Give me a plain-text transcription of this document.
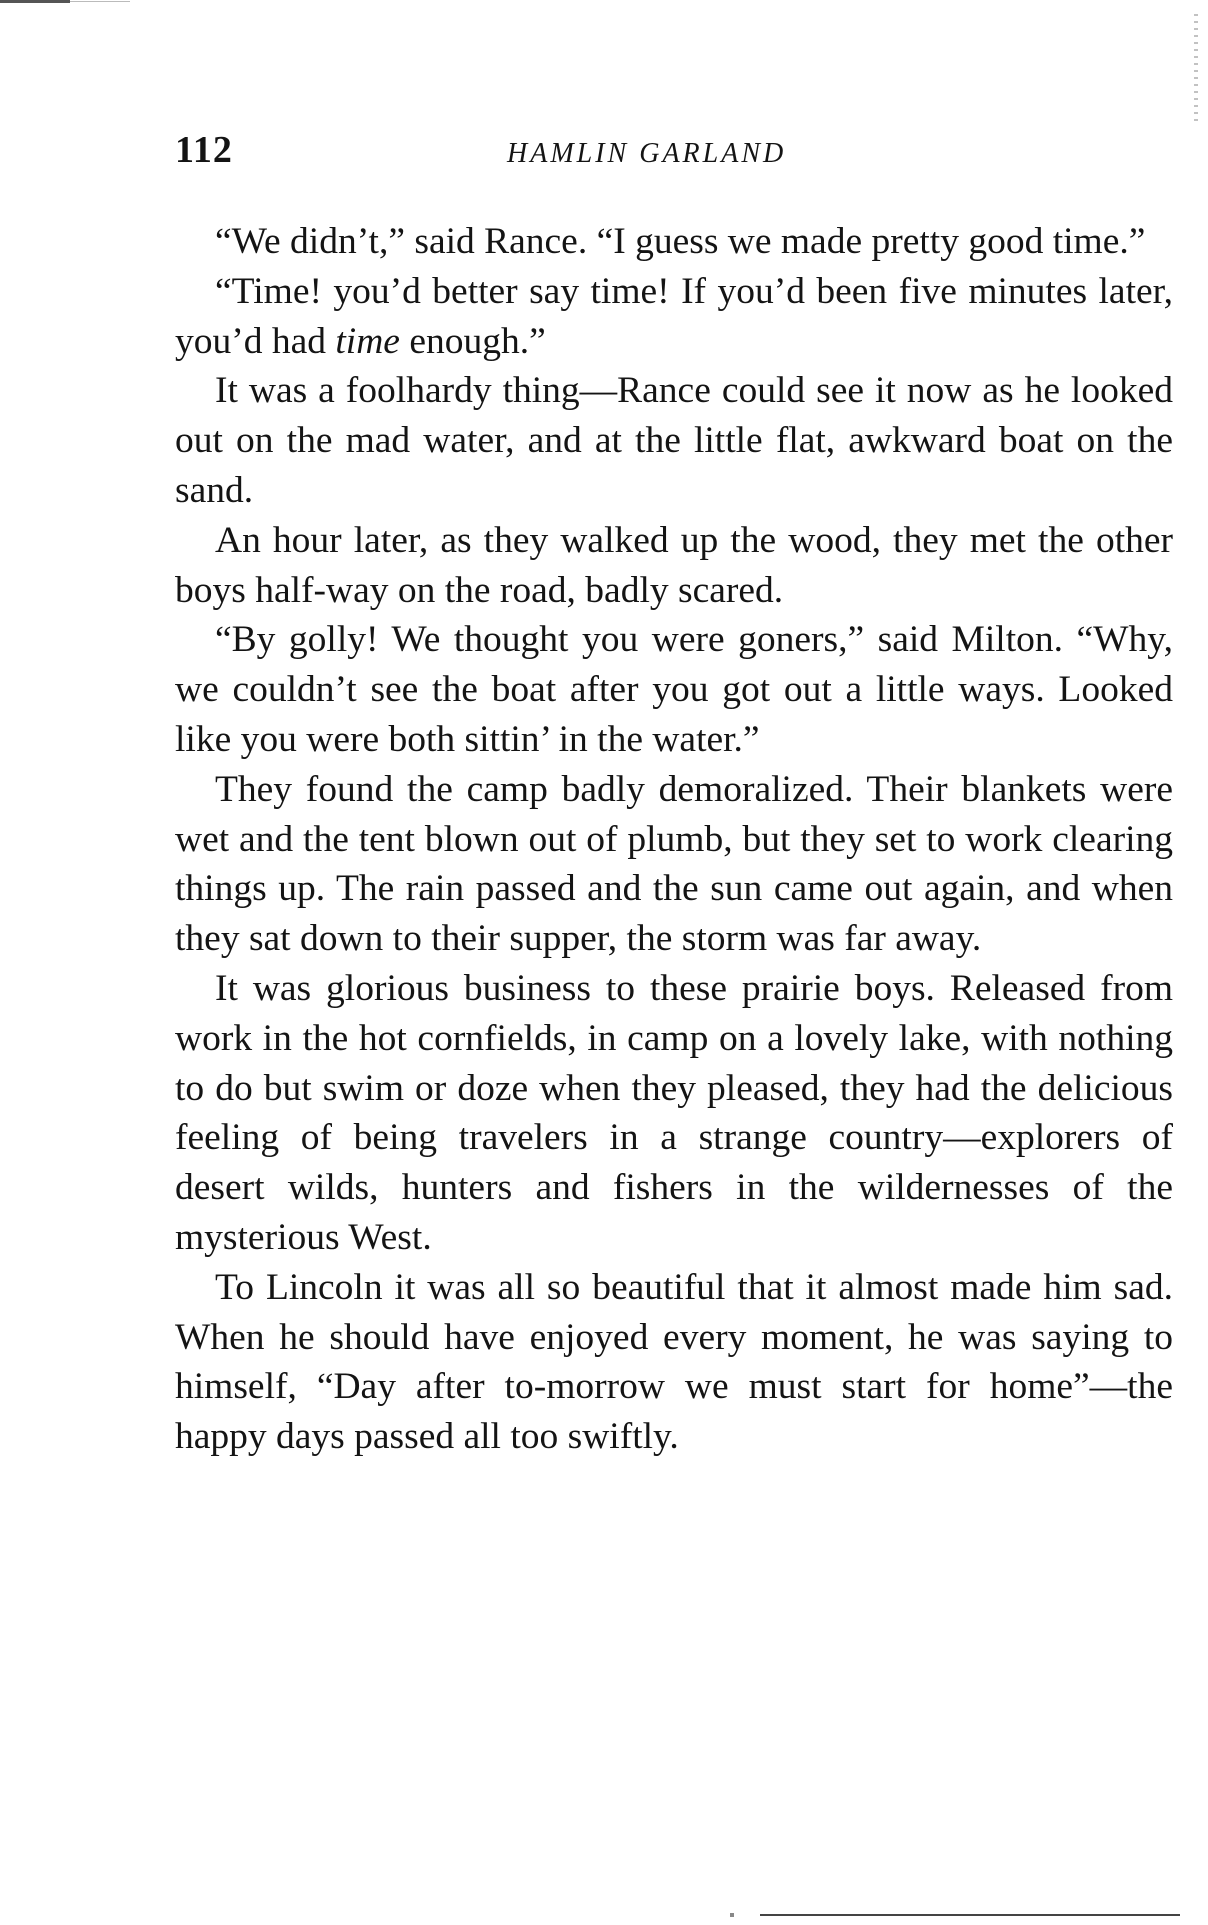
112	HAMLIN GARLAND

“We didn’t,” said Rance. “I guess we made pretty good time.”

“Time! you’d better say time! If you’d been five minutes later, you’d had time enough.”

It was a foolhardy thing—Rance could see it now as he looked out on the mad water, and at the little flat, awkward boat on the sand.

An hour later, as they walked up the wood, they met the other boys half-way on the road, badly scared.

“By golly! We thought you were goners,” said Milton. “Why, we couldn’t see the boat after you got out a little ways. Looked like you were both sittin’ in the water.”

They found the camp badly demoralized. Their blankets were wet and the tent blown out of plumb, but they set to work clearing things up. The rain passed and the sun came out again, and when they sat down to their supper, the storm was far away.

It was glorious business to these prairie boys. Released from work in the hot cornfields, in camp on a lovely lake, with nothing to do but swim or doze when they pleased, they had the delicious feeling of being travelers in a strange country—explorers of desert wilds, hunters and fishers in the wildernesses of the mysterious West.

To Lincoln it was all so beautiful that it almost made him sad. When he should have enjoyed every moment, he was saying to himself, “Day after to-morrow we must start for home”—the happy days passed all too swiftly.
